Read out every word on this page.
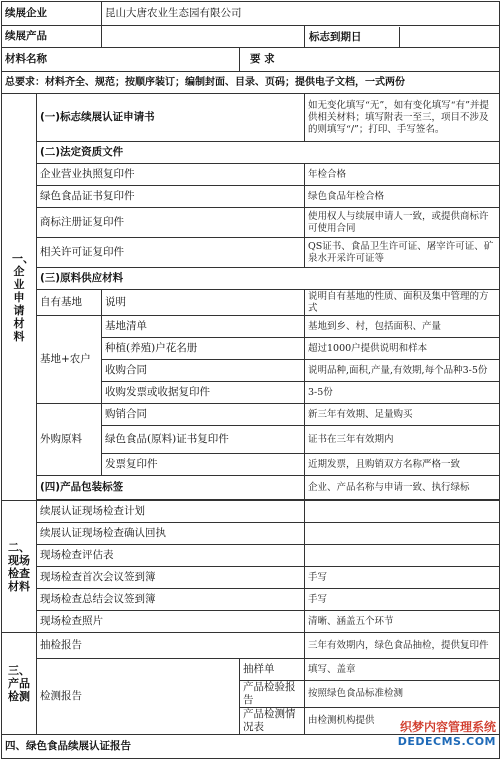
续展企业		昆山大唐农业生态园有限公司		
续展产品				标志到期日

材料名称			要 求	
总要求：材料齐全、规范；按顺序装订；编制封面、目录、页码；提供电子文档，一式两份				
一、企业申请材料	(一)标志续展认证申请书			如无变化填写“无”，如有变化填写“有”并提供相关材料；填写附表一至三，项目不涉及的则填写“/”；打印、手写签名。
	(二)法定资质文件			
	企业营业执照复印件			年检合格
	绿色食品证书复印件			绿色食品年检合格
	商标注册证复印件			使用权人与续展申请人一致，或提供商标许可使用合同
	相关许可证复印件			QS证书、食品卫生许可证、屠宰许可证、矿泉水开采许可证等
	(三)原料供应材料			
	自有基地	说明		说明自有基地的性质、面积及集中管理的方式
	基地+农户	基地清单		基地到乡、村，包括面积、产量
		种植(养殖)户花名册		超过1000户提供说明和样本
		收购合同		说明品种,面积,产量,有效期,每个品种3-5份
		收购发票或收据复印件		3-5份
	外购原料	购销合同		新三年有效期、足量购买
		绿色食品(原料)证书复印件		证书在三年有效期内
		发票复印件		近期发票，且购销双方名称严格一致
	(四)产品包装标签			企业、产品名称与申请一致、执行绿标

二、现场检查材料	续展认证现场检查计划			
	续展认证现场检查确认回执			
	现场检查评估表			
	现场检查首次会议签到簿			手写
	现场检查总结会议签到簿			手写
	现场检查照片			清晰、涵盖五个环节
三、产品检测	抽检报告			三年有效期内，绿色食品抽检，提供复印件
	检测报告		抽样单	填写、盖章
			产品检验报告	按照绿色食品标准检测
			产品检测情况表	由检测机构提供
四、绿色食品续展认证报告				
织梦内容管理系统
DEDECMS.COM
